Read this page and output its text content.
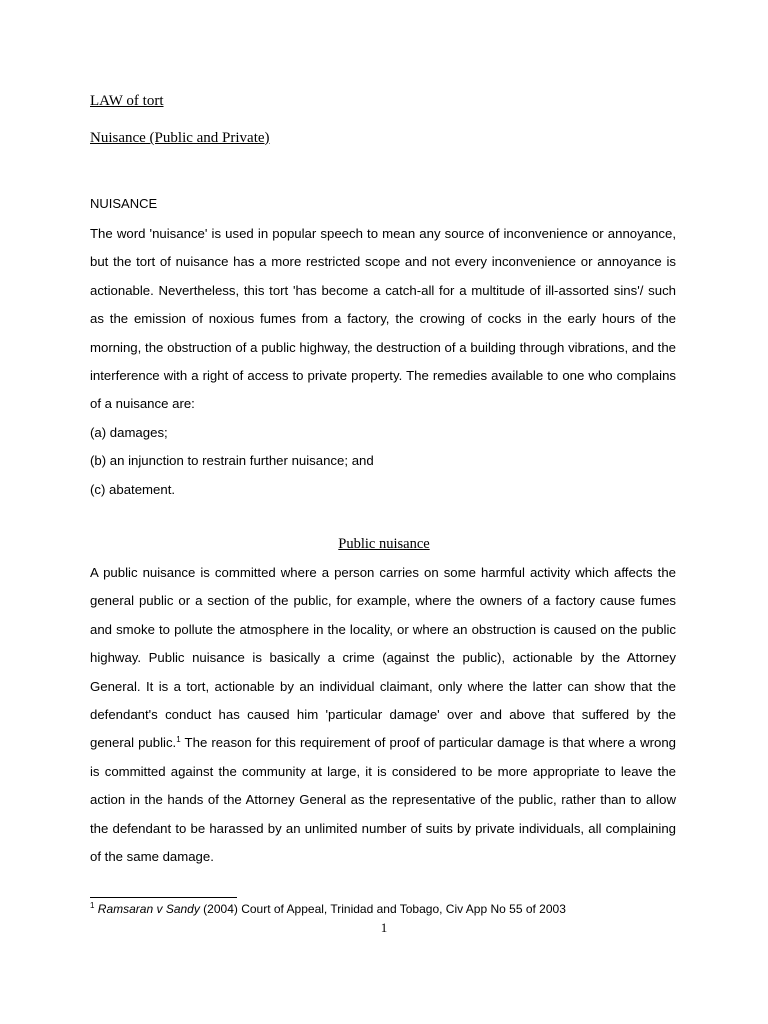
LAW of tort
Nuisance (Public and Private)
NUISANCE
The word 'nuisance' is used in popular speech to mean any source of inconvenience or annoyance, but the tort of nuisance has a more restricted scope and not every inconvenience or annoyance is actionable. Nevertheless, this tort 'has become a catch-all for a multitude of ill-assorted sins'/ such as the emission of noxious fumes from a factory, the crowing of cocks in the early hours of the morning, the obstruction of a public highway, the destruction of a building through vibrations, and the interference with a right of access to private property. The remedies available to one who complains of a nuisance are:
(a) damages;
(b) an injunction to restrain further nuisance; and
(c) abatement.
Public nuisance
A public nuisance is committed where a person carries on some harmful activity which affects the general public or a section of the public, for example, where the owners of a factory cause fumes and smoke to pollute the atmosphere in the locality, or where an obstruction is caused on the public highway. Public nuisance is basically a crime (against the public), actionable by the Attorney General. It is a tort, actionable by an individual claimant, only where the latter can show that the defendant's conduct has caused him 'particular damage' over and above that suffered by the general public.$^1$ The reason for this requirement of proof of particular damage is that where a wrong is committed against the community at large, it is considered to be more appropriate to leave the action in the hands of the Attorney General as the representative of the public, rather than to allow the defendant to be harassed by an unlimited number of suits by private individuals, all complaining of the same damage.
$^1$ Ramsaran v Sandy (2004) Court of Appeal, Trinidad and Tobago, Civ App No 55 of 2003
1
